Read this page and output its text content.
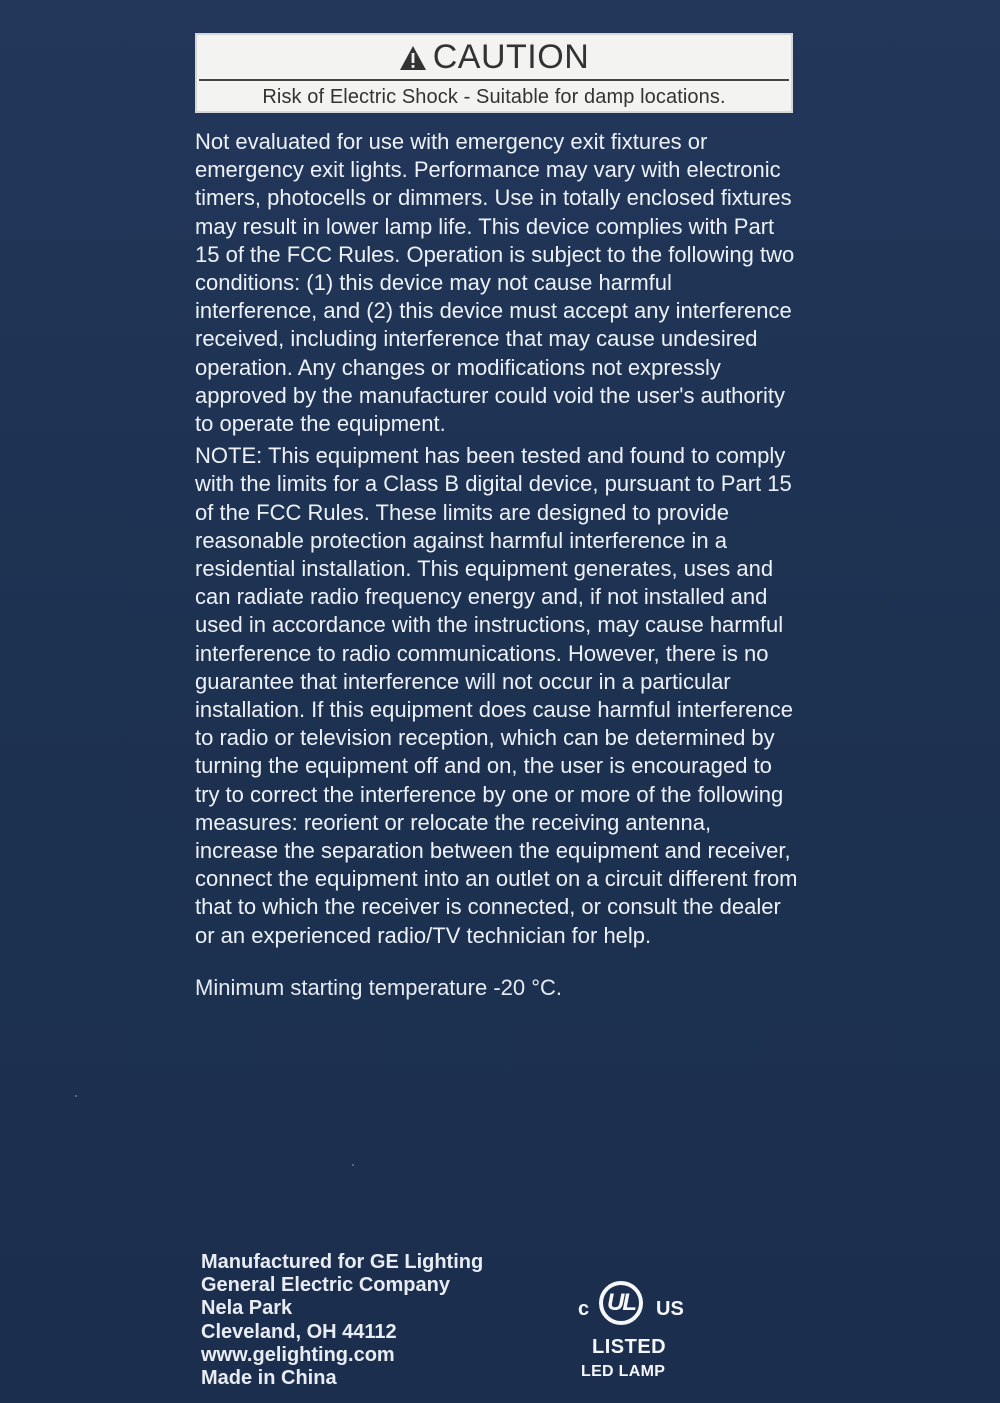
CAUTION
Risk of Electric Shock - Suitable for damp locations.

Not evaluated for use with emergency exit fixtures or emergency exit lights. Performance may vary with electronic timers, photocells or dimmers. Use in totally enclosed fixtures may result in lower lamp life. This device complies with Part 15 of the FCC Rules. Operation is subject to the following two conditions: (1) this device may not cause harmful interference, and (2) this device must accept any interference received, including interference that may cause undesired operation. Any changes or modifications not expressly approved by the manufacturer could void the user's authority to operate the equipment.

NOTE: This equipment has been tested and found to comply with the limits for a Class B digital device, pursuant to Part 15 of the FCC Rules. These limits are designed to provide reasonable protection against harmful interference in a residential installation. This equipment generates, uses and can radiate radio frequency energy and, if not installed and used in accordance with the instructions, may cause harmful interference to radio communications. However, there is no guarantee that interference will not occur in a particular installation. If this equipment does cause harmful interference to radio or television reception, which can be determined by turning the equipment off and on, the user is encouraged to try to correct the interference by one or more of the following measures: reorient or relocate the receiving antenna, increase the separation between the equipment and receiver, connect the equipment into an outlet on a circuit different from that to which the receiver is connected, or consult the dealer or an experienced radio/TV technician for help.

Minimum starting temperature -20 °C.

Manufactured for GE Lighting
General Electric Company
Nela Park
Cleveland, OH 44112
www.gelighting.com
Made in China
c UL US
LISTED
LED LAMP
